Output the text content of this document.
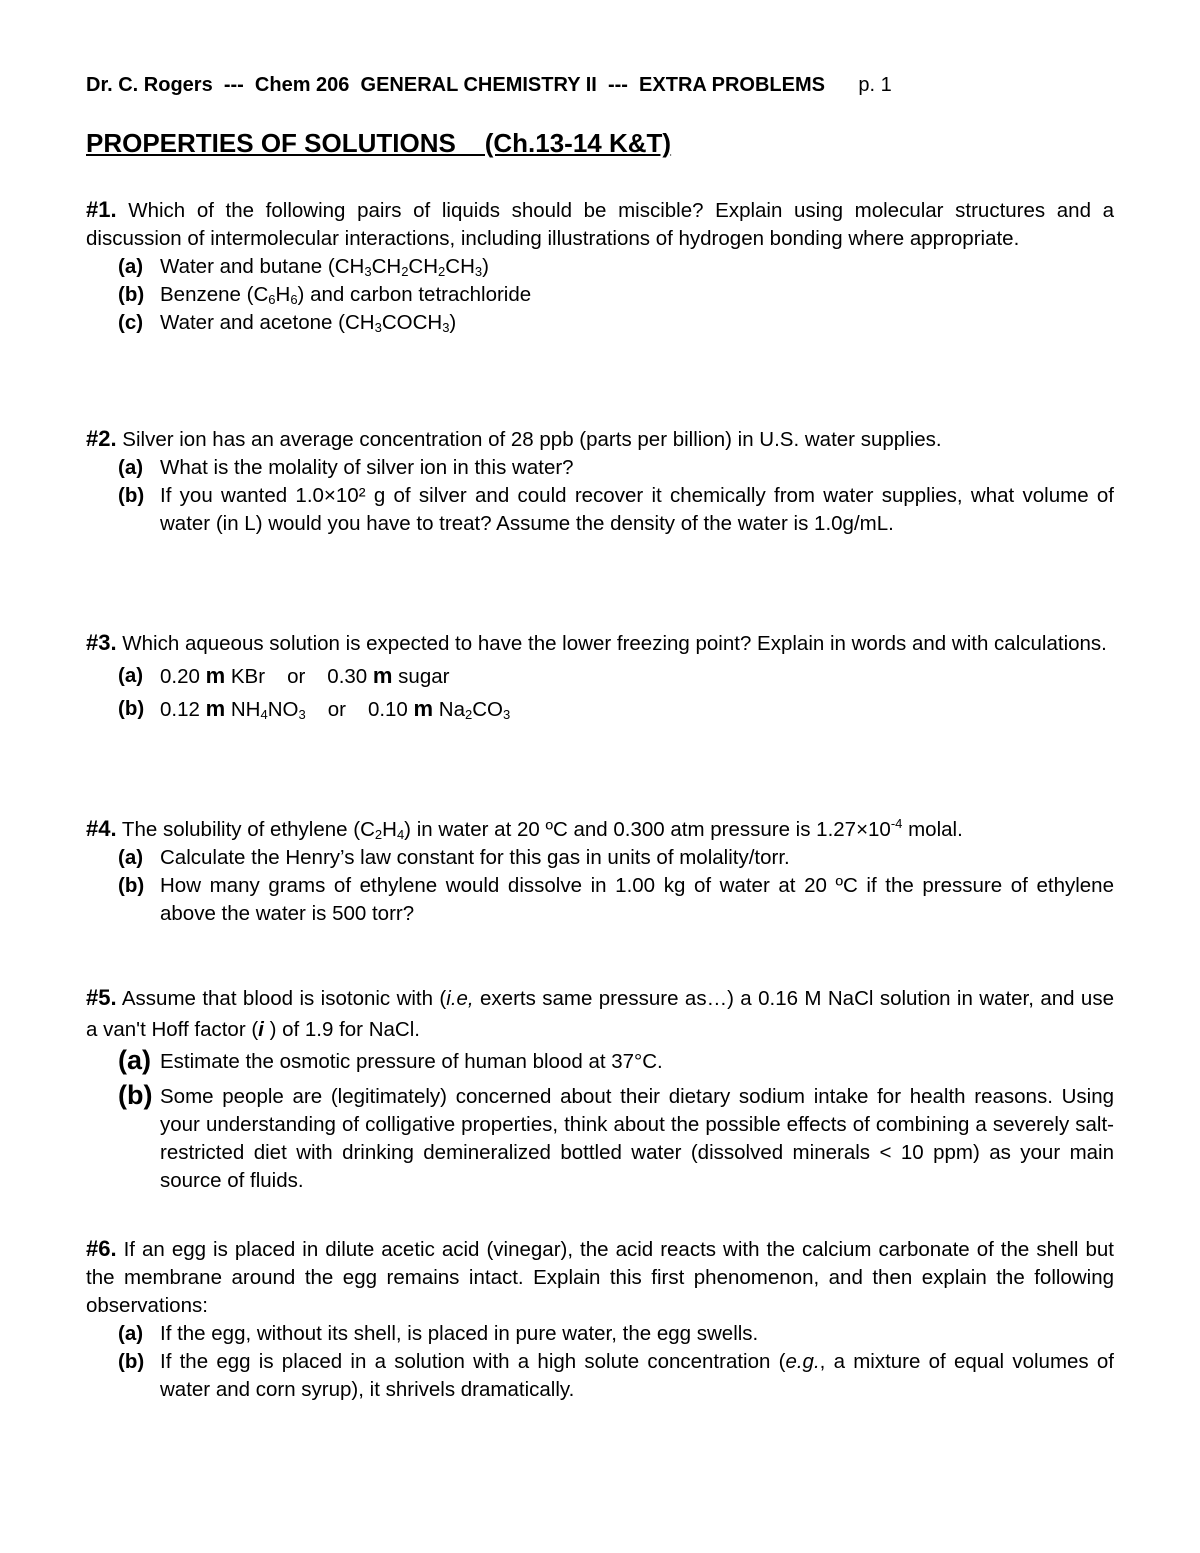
Dr. C. Rogers  ---  Chem 206  GENERAL CHEMISTRY II  ---  EXTRA PROBLEMS p. 1
PROPERTIES OF SOLUTIONS    (Ch.13-14 K&T)
#1. Which of the following pairs of liquids should be miscible? Explain using molecular structures and a discussion of intermolecular interactions, including illustrations of hydrogen bonding where appropriate.
(a) Water and butane $(CH_3CH_2CH_2CH_3)$
(b) Benzene $(C_6H_6)$ and carbon tetrachloride
(c) Water and acetone $(CH_3COCH_3)$
#2. Silver ion has an average concentration of 28 ppb (parts per billion) in U.S. water supplies.
(a) What is the molality of silver ion in this water?
(b) If you wanted 1.0×10² g of silver and could recover it chemically from water supplies, what volume of water (in L) would you have to treat? Assume the density of the water is 1.0g/mL.
#3. Which aqueous solution is expected to have the lower freezing point? Explain in words and with calculations.
(a) 0.20 m KBr or 0.30 m sugar
(b) 0.12 m $NH_4NO_3$ or 0.10 m $Na_2CO_3$
#4. The solubility of ethylene $(C_2H_4)$ in water at 20 ºC and 0.300 atm pressure is $1.27\times 10^{-4}$ molal.
(a) Calculate the Henry’s law constant for this gas in units of molality/torr.
(b) How many grams of ethylene would dissolve in 1.00 kg of water at 20 ºC if the pressure of ethylene above the water is 500 torr?
#5. Assume that blood is isotonic with (i.e, exerts same pressure as…) a 0.16 M NaCl solution in water, and use a van't Hoff factor (i ) of 1.9 for NaCl.
(a) Estimate the osmotic pressure of human blood at 37°C.
(b) Some people are (legitimately) concerned about their dietary sodium intake for health reasons. Using your understanding of colligative properties, think about the possible effects of combining a severely salt-restricted diet with drinking demineralized bottled water (dissolved minerals < 10 ppm) as your main source of fluids.
#6. If an egg is placed in dilute acetic acid (vinegar), the acid reacts with the calcium carbonate of the shell but the membrane around the egg remains intact. Explain this first phenomenon, and then explain the following observations:
(a) If the egg, without its shell, is placed in pure water, the egg swells.
(b) If the egg is placed in a solution with a high solute concentration (e.g., a mixture of equal volumes of water and corn syrup), it shrivels dramatically.
